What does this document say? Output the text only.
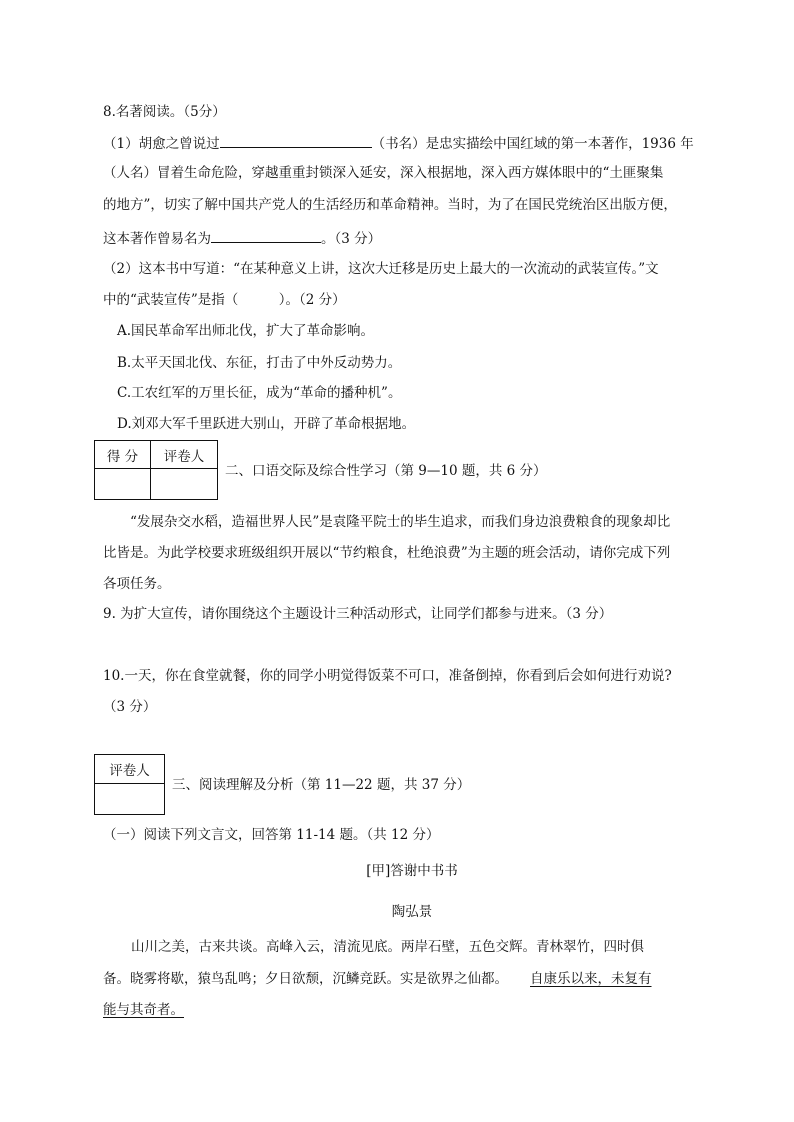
8.名著阅读。（5分）
（1）胡愈之曾说过	（书名）是忠实描绘中国红域的第一本著作，1936 年
（人名）冒着生命危险，穿越重重封锁深入延安，深入根据地，深入西方媒体眼中的“土匪聚集
的地方”，切实了解中国共产党人的生活经历和革命精神。当时，为了在国民党统治区出版方便，
这本著作曾易名为	。（3 分）
（2）这本书中写道：“在某种意义上讲，这次大迁移是历史上最大的一次流动的武装宣传。”文
中的“武装宣传”是指（　　　）。（2 分）
A.国民革命军出师北伐，扩大了革命影响。
B.太平天国北伐、东征，打击了中外反动势力。
C.工农红军的万里长征，成为“革命的播种机”。
D.刘邓大军千里跃进大别山，开辟了革命根据地。
得 分	评卷人

二、口语交际及综合性学习（第 9—10 题，共 6 分）
“发展杂交水稻，造福世界人民”是袁隆平院士的毕生追求，而我们身边浪费粮食的现象却比
比皆是。为此学校要求班级组织开展以“节约粮食，杜绝浪费”为主题的班会活动，请你完成下列
各项任务。
9. 为扩大宣传，请你围绕这个主题设计三种活动形式，让同学们都参与进来。（3 分）
10.一天，你在食堂就餐，你的同学小明觉得饭菜不可口，准备倒掉，你看到后会如何进行劝说?
（3 分）
评卷人

三、阅读理解及分析（第 11—22 题，共 37 分）
（一）阅读下列文言文，回答第 11-14 题。（共 12 分）
[甲]答谢中书书
陶弘景
山川之美，古来共谈。高峰入云，清流见底。两岸石壁，五色交辉。青林翠竹，四时俱
备。晓雾将歇，猿鸟乱鸣；夕日欲颓，沉鳞竞跃。实是欲界之仙都。 自康乐以来，未复有
能与其奇者。
